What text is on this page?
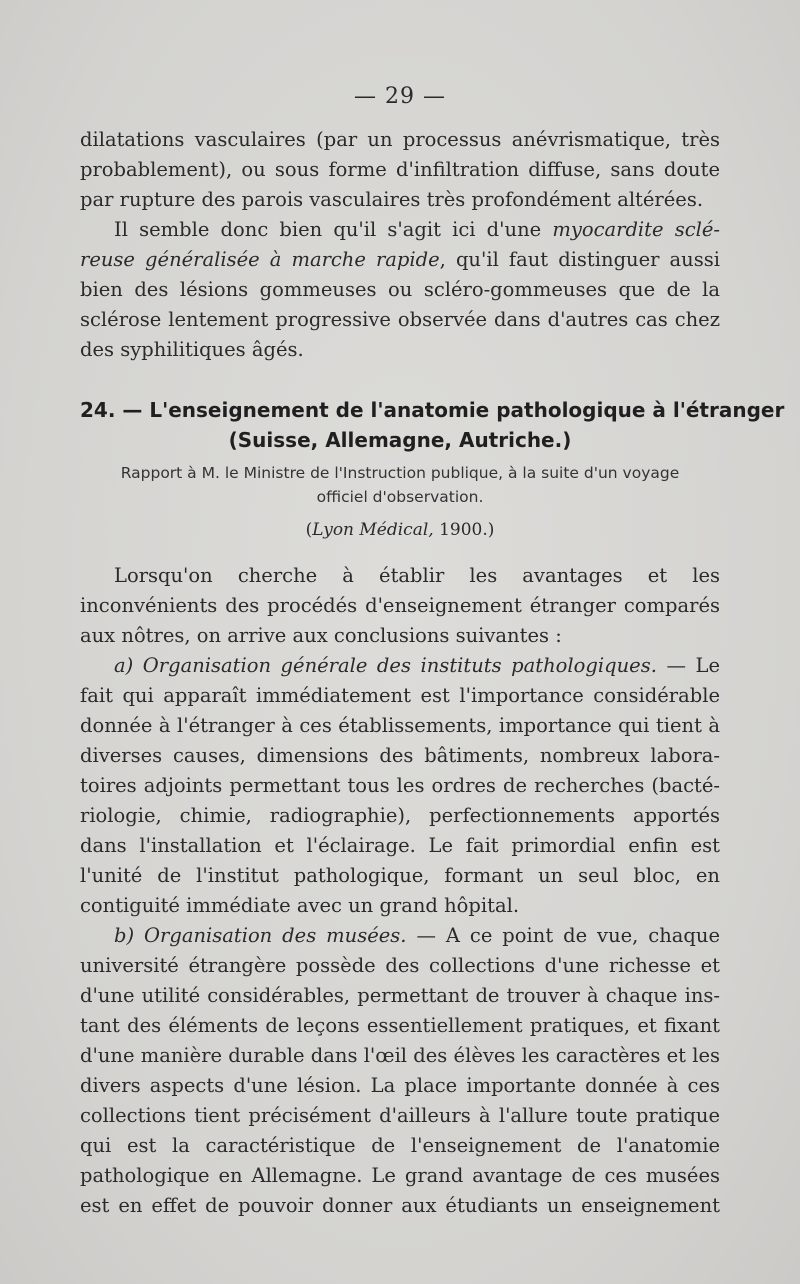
— 29 —

dilatations vasculaires (par un processus anévrismatique, très probablement), ou sous forme d'infiltration diffuse, sans doute par rupture des parois vasculaires très profondément altérées.

Il semble donc bien qu'il s'agit ici d'une myocardite scléreuse généralisée à marche rapide, qu'il faut distinguer aussi bien des lésions gommeuses ou scléro-gommeuses que de la sclérose lentement progressive observée dans d'autres cas chez des syphilitiques âgés.

24. — L'enseignement de l'anatomie pathologique à l'étranger
(Suisse, Allemagne, Autriche.)
Rapport à M. le Ministre de l'Instruction publique, à la suite d'un voyage officiel d'observation.
(Lyon Médical, 1900.)

Lorsqu'on cherche à établir les avantages et les inconvénients des procédés d'enseignement étranger comparés aux nôtres, on arrive aux conclusions suivantes :

a) Organisation générale des instituts pathologiques. — Le fait qui apparaît immédiatement est l'importance considérable donnée à l'étranger à ces établissements, importance qui tient à diverses causes, dimensions des bâtiments, nombreux laboratoires adjoints permettant tous les ordres de recherches (bactériologie, chimie, radiographie), perfectionnements apportés dans l'installation et l'éclairage. Le fait primordial enfin est l'unité de l'institut pathologique, formant un seul bloc, en contiguité immédiate avec un grand hôpital.

b) Organisation des musées. — A ce point de vue, chaque université étrangère possède des collections d'une richesse et d'une utilité considérables, permettant de trouver à chaque instant des éléments de leçons essentiellement pratiques, et fixant d'une manière durable dans l'œil des élèves les caractères et les divers aspects d'une lésion. La place importante donnée à ces collections tient précisément d'ailleurs à l'allure toute pratique qui est la caractéristique de l'enseignement de l'anatomie pathologique en Allemagne. Le grand avantage de ces musées est en effet de pouvoir donner aux étudiants un enseignement
